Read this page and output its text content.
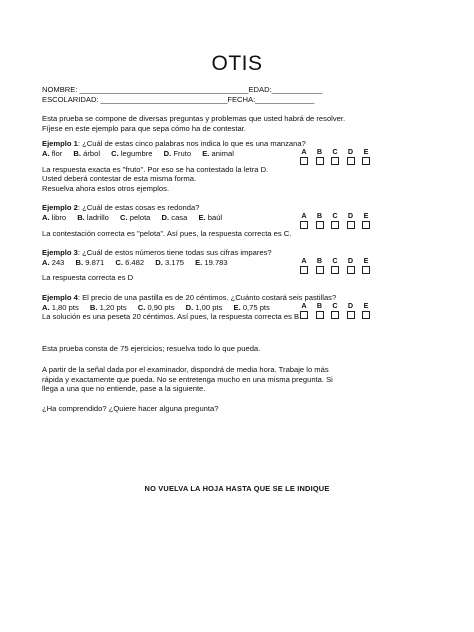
OTIS
NOMBRE: ________________________________________EDAD:____________
ESCOLARIDAD: ______________________________FECHA:______________
Esta prueba se compone de diversas preguntas y problemas que usted habrá de resolver.
Fíjese en este ejemplo para que sepa cómo ha de contestar.
Ejemplo 1: ¿Cuál de estas cinco palabras nos indica lo que es una manzana?
A. flor B. árbol C. legumbre D. Fruto E. animal	A B C D E
La respuesta exacta es "fruto". Por eso se ha contestado la letra D.
Usted deberá contestar de esta misma forma.
Resuelva ahora estos otros ejemplos.
Ejemplo 2: ¿Cuál de estas cosas es redonda?
A. libro B. ladrillo C. pelota D. casa E. baúl	A B C D E
La contestación correcta es "pelota". Así pues, la respuesta correcta es C.
Ejemplo 3: ¿Cuál de estos números tiene todas sus cifras impares?
A. 243 B. 9.871 C. 6.482 D. 3.175 E. 19.783	A B C D E
La respuesta correcta es D
Ejemplo 4: El precio de una pastilla es de 20 céntimos. ¿Cuánto costará seis pastillas?
A. 1,80 pts B. 1,20 pts C. 0,90 pts D. 1,00 pts E. 0,75 pts	A B C D E
La solución es una peseta 20 céntimos. Así pues, la respuesta correcta es B.
Esta prueba consta de 75 ejercicios; resuelva todo lo que pueda.
A partir de la señal dada por el examinador, dispondrá de media hora. Trabaje lo más
rápida y exactamente que pueda. No se entretenga mucho en una misma pregunta. Si
llega a una que no entiende, pase a la siguiente.
¿Ha comprendido? ¿Quiere hacer alguna pregunta?
NO VUELVA LA HOJA HASTA QUE SE LE INDIQUE
